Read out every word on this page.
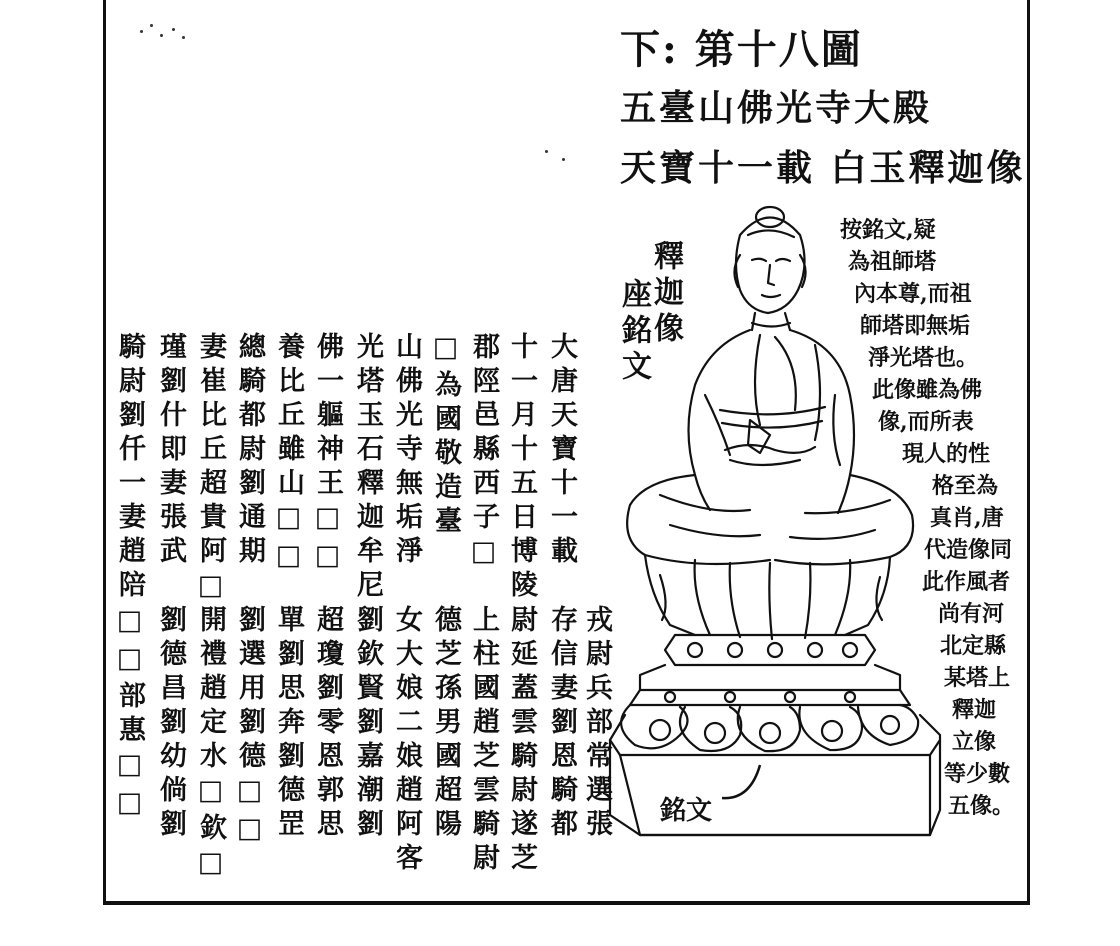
下: 第十八圖
五臺山佛光寺大殿
天寶十一載 白玉釋迦像
釋迦像
座銘文
銘文
按銘文,疑
為祖師塔
內本尊,而祖
師塔即無垢
淨光塔也。
此像雖為佛
像,而所表
現人的性
格至為
真肖,唐
代造像同
此作風者
尚有河
北定縣
某塔上
釋迦
立像
等少數
五像。
大唐天寶十一載
十一月十五日博陵
郡陘邑縣西子□
□為國敬造臺
山佛光寺無垢淨
光塔玉石釋迦牟尼
佛一軀神王□□
養比丘雖山□□
總騎都尉劉通期
妻崔比丘超貴阿□
瑾劉什即妻張武
騎尉劉仟一妻趙陪
戎尉兵部常選張
存信妻劉恩騎都
尉延蓋雲騎尉遂芝
上柱國趙芝雲騎尉
德芝孫男國超陽
女大娘二娘趙阿客
劉欽賢劉嘉潮劉
超瓊劉零恩郭思
單劉思奔劉德罡
劉選用劉德□□
開禮趙定水□欽□
劉德昌劉幼倘劉
□□部惠□□
